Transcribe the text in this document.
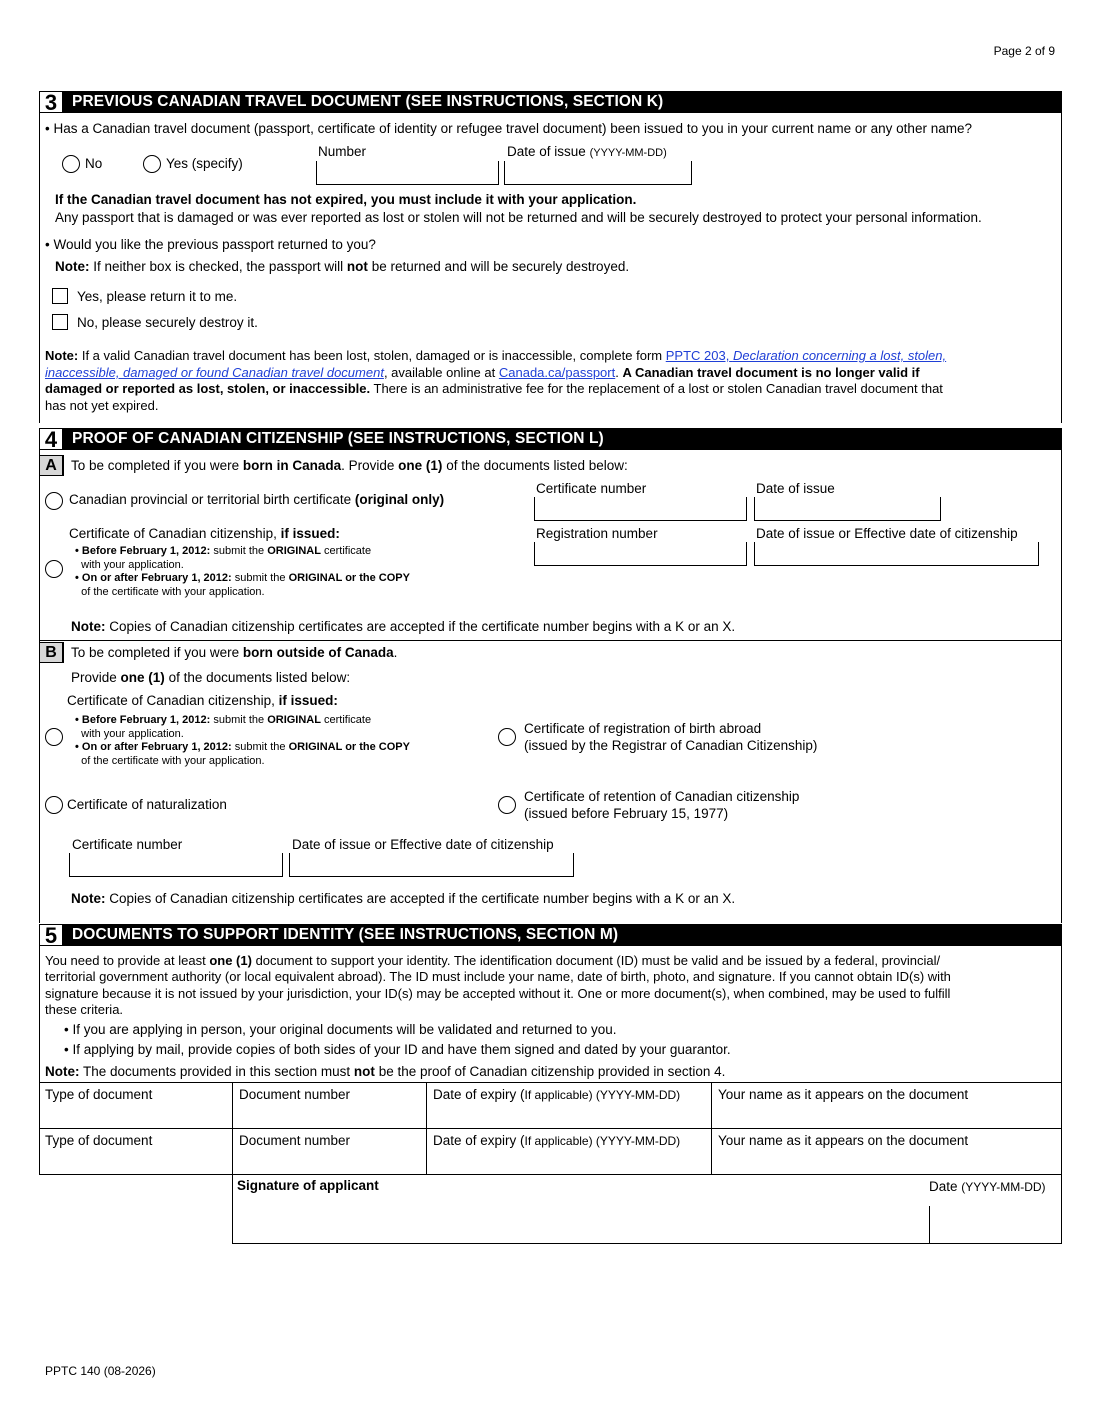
Page 2 of 9
PPTC 140 (08-2026)
3 PREVIOUS CANADIAN TRAVEL DOCUMENT (SEE INSTRUCTIONS, SECTION K)
• Has a Canadian travel document (passport, certificate of identity or refugee travel document) been issued to you in your current name or any other name?
No	Yes (specify)
Number	Date of issue (YYYY-MM-DD)
If the Canadian travel document has not expired, you must include it with your application.
Any passport that is damaged or was ever reported as lost or stolen will not be returned and will be securely destroyed to protect your personal information.
• Would you like the previous passport returned to you?
Note: If neither box is checked, the passport will not be returned and will be securely destroyed.
Yes, please return it to me.
No, please securely destroy it.
Note: If a valid Canadian travel document has been lost, stolen, damaged or is inaccessible, complete form PPTC 203, Declaration concerning a lost, stolen,
inaccessible, damaged or found Canadian travel document, available online at Canada.ca/passport. A Canadian travel document is no longer valid if
damaged or reported as lost, stolen, or inaccessible. There is an administrative fee for the replacement of a lost or stolen Canadian travel document that
has not yet expired.
4 PROOF OF CANADIAN CITIZENSHIP (SEE INSTRUCTIONS, SECTION L)
A	To be completed if you were born in Canada. Provide one (1) of the documents listed below:
Canadian provincial or territorial birth certificate (original only)
Certificate number	Date of issue
Certificate of Canadian citizenship, if issued:
• Before February 1, 2012: submit the ORIGINAL certificate
with your application.
• On or after February 1, 2012: submit the ORIGINAL or the COPY
of the certificate with your application.
Registration number	Date of issue or Effective date of citizenship
Note: Copies of Canadian citizenship certificates are accepted if the certificate number begins with a K or an X.
B	To be completed if you were born outside of Canada.
Provide one (1) of the documents listed below:
Certificate of Canadian citizenship, if issued:
• Before February 1, 2012: submit the ORIGINAL certificate
with your application.
• On or after February 1, 2012: submit the ORIGINAL or the COPY
of the certificate with your application.
Certificate of registration of birth abroad
(issued by the Registrar of Canadian Citizenship)
Certificate of naturalization
Certificate of retention of Canadian citizenship
(issued before February 15, 1977)
Certificate number	Date of issue or Effective date of citizenship
Note: Copies of Canadian citizenship certificates are accepted if the certificate number begins with a K or an X.
5 DOCUMENTS TO SUPPORT IDENTITY (SEE INSTRUCTIONS, SECTION M)
You need to provide at least one (1) document to support your identity. The identification document (ID) must be valid and be issued by a federal, provincial/
territorial government authority (or local equivalent abroad). The ID must include your name, date of birth, photo, and signature. If you cannot obtain ID(s) with
signature because it is not issued by your jurisdiction, your ID(s) may be accepted without it. One or more document(s), when combined, may be used to fulfill
these criteria.
• If you are applying in person, your original documents will be validated and returned to you.
• If applying by mail, provide copies of both sides of your ID and have them signed and dated by your guarantor.
Note: The documents provided in this section must not be the proof of Canadian citizenship provided in section 4.
Type of document	Document number	Date of expiry (If applicable) (YYYY-MM-DD)	Your name as it appears on the document
Type of document	Document number	Date of expiry (If applicable) (YYYY-MM-DD)	Your name as it appears on the document
Signature of applicant	Date (YYYY-MM-DD)
